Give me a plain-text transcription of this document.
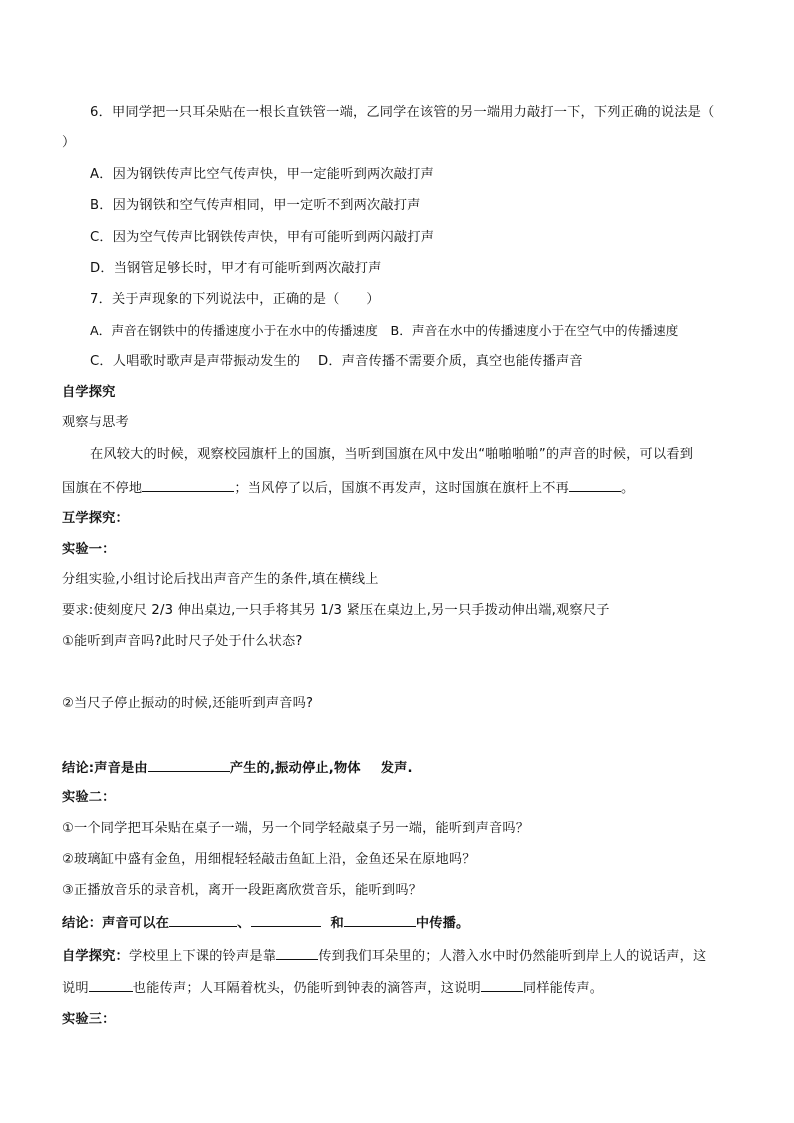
6．甲同学把一只耳朵贴在一根长直铁管一端，乙同学在该管的另一端用力敲打一下，下列正确的说法是（
）
A．因为钢铁传声比空气传声快，甲一定能听到两次敲打声
B．因为钢铁和空气传声相同，甲一定听不到两次敲打声
C．因为空气传声比钢铁传声快，甲有可能听到两闪敲打声
D．当钢管足够长时，甲才有可能听到两次敲打声
7．关于声现象的下列说法中，正确的是（　　）
A．声音在钢铁中的传播速度小于在水中的传播速度　B．声音在水中的传播速度小于在空气中的传播速度
C．人唱歌时歌声是声带振动发生的　 D．声音传播不需要介质，真空也能传播声音
自学探究
观察与思考
在风较大的时候，观察校园旗杆上的国旗，当听到国旗在风中发出“啪啪啪啪”的声音的时候，可以看到
国旗在不停地	；当风停了以后，国旗不再发声，这时国旗在旗杆上不再	。
互学探究：
实验一：
分组实验,小组讨论后找出声音产生的条件,填在横线上
要求:使刻度尺 2/3 伸出桌边,一只手将其另 1/3 紧压在桌边上,另一只手拨动伸出端,观察尺子
①能听到声音吗?此时尺子处于什么状态?
②当尺子停止振动的时候,还能听到声音吗?
结论:声音是由	产生的,振动停止,物体 发声.
实验二：
①一个同学把耳朵贴在桌子一端，另一个同学轻敲桌子另一端，能听到声音吗？
②玻璃缸中盛有金鱼，用细棍轻轻敲击鱼缸上沿，金鱼还呆在原地吗？
③正播放音乐的录音机，离开一段距离欣赏音乐，能听到吗？
结论：声音可以在	、	和	中传播。
自学探究：学校里上下课的铃声是靠	传到我们耳朵里的；人潜入水中时仍然能听到岸上人的说话声，这
说明	也能传声；人耳隔着枕头，仍能听到钟表的滴答声，这说明	同样能传声。
实验三：
